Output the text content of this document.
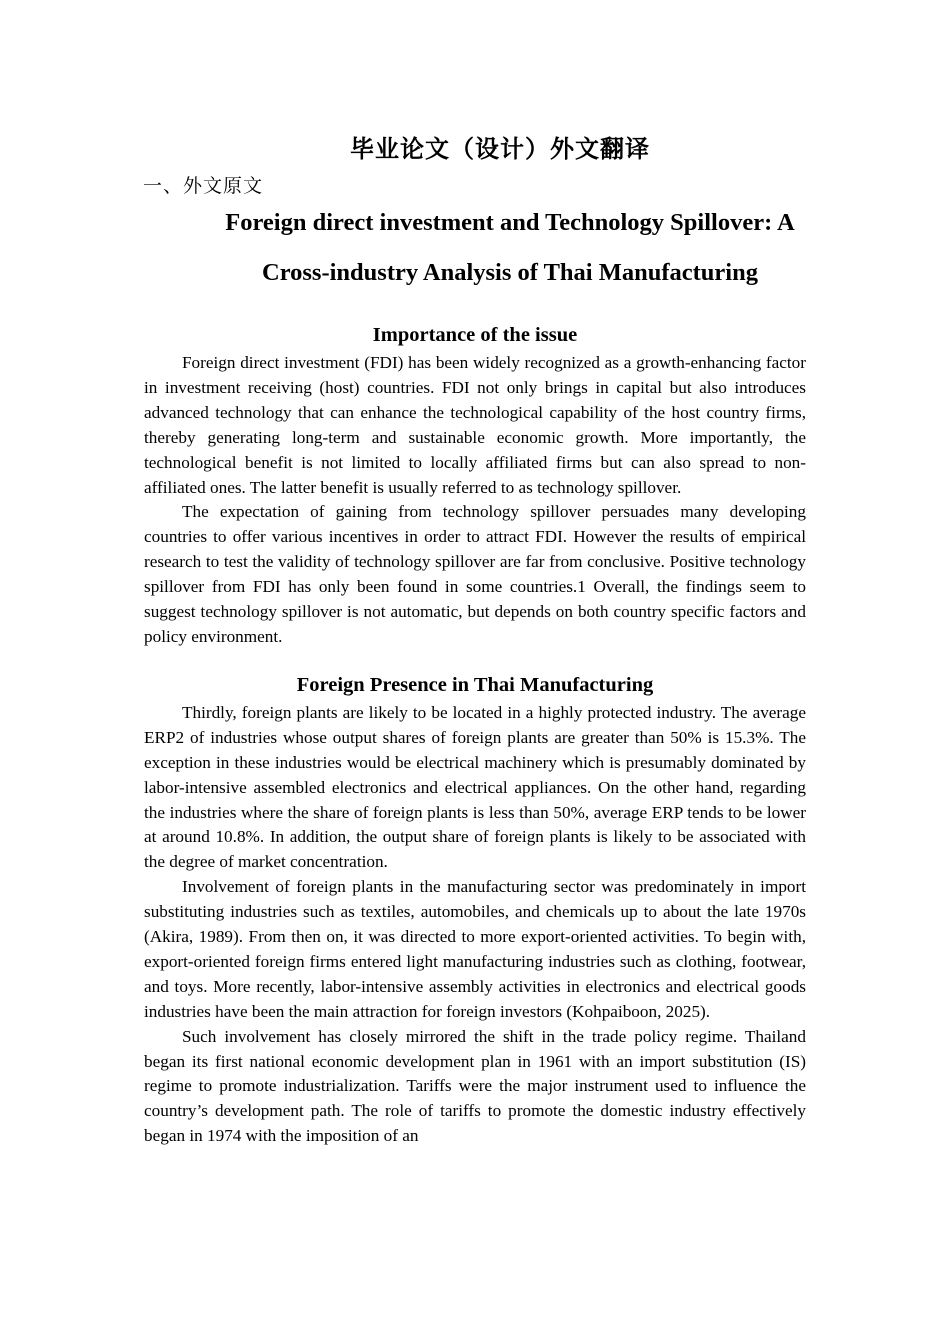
毕业论文（设计）外文翻译
一、外文原文
Foreign direct investment and Technology Spillover: A Cross-industry Analysis of Thai Manufacturing
Importance of the issue

Foreign direct investment (FDI) has been widely recognized as a growth-enhancing factor in investment receiving (host) countries. FDI not only brings in capital but also introduces advanced technology that can enhance the technological capability of the host country firms, thereby generating long-term and sustainable economic growth. More importantly, the technological benefit is not limited to locally affiliated firms but can also spread to non-affiliated ones. The latter benefit is usually referred to as technology spillover.

The expectation of gaining from technology spillover persuades many developing countries to offer various incentives in order to attract FDI. However the results of empirical research to test the validity of technology spillover are far from conclusive. Positive technology spillover from FDI has only been found in some countries.1 Overall, the findings seem to suggest technology spillover is not automatic, but depends on both country specific factors and policy environment.

Foreign Presence in Thai Manufacturing

Thirdly, foreign plants are likely to be located in a highly protected industry. The average ERP2 of industries whose output shares of foreign plants are greater than 50% is 15.3%. The exception in these industries would be electrical machinery which is presumably dominated by labor-intensive assembled electronics and electrical appliances. On the other hand, regarding the industries where the share of foreign plants is less than 50%, average ERP tends to be lower at around 10.8%. In addition, the output share of foreign plants is likely to be associated with the degree of market concentration.

Involvement of foreign plants in the manufacturing sector was predominately in import substituting industries such as textiles, automobiles, and chemicals up to about the late 1970s (Akira, 1989). From then on, it was directed to more export-oriented activities. To begin with, export-oriented foreign firms entered light manufacturing industries such as clothing, footwear, and toys. More recently, labor-intensive assembly activities in electronics and electrical goods industries have been the main attraction for foreign investors (Kohpaiboon, 2025).

Such involvement has closely mirrored the shift in the trade policy regime. Thailand began its first national economic development plan in 1961 with an import substitution (IS) regime to promote industrialization. Tariffs were the major instrument used to influence the country’s development path. The role of tariffs to promote the domestic industry effectively began in 1974 with the imposition of an
